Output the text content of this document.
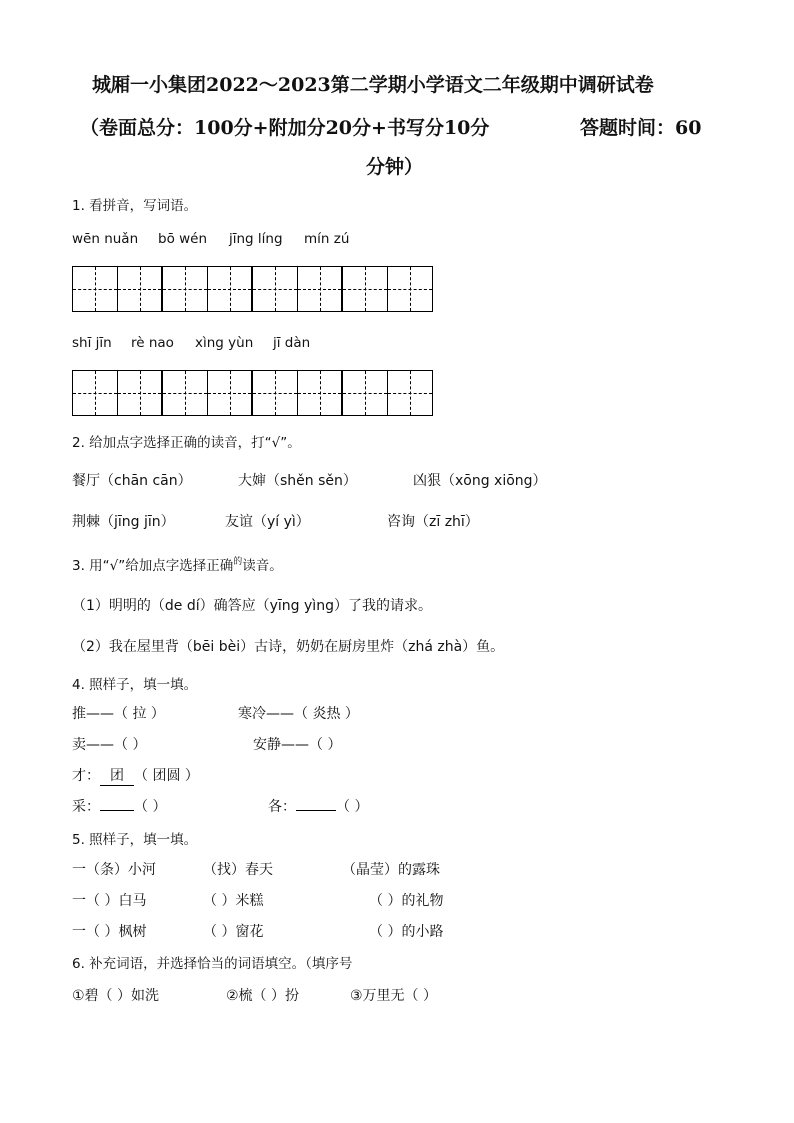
城厢一小集团2022～2023第二学期小学语文二年级期中调研试卷
（卷面总分：100分+附加分20分+书写分10分	答题时间：60
分钟）
1. 看拼音，写词语。
wēn nuǎn bō wén jīng líng mín zú
shī jīn rè nao xìng yùn jī dàn
2. 给加点字选择正确的读音，打“√”。
餐厅（chān cān）	大婶（shěn sěn）	凶狠（xōng xiōng）
荆棘（jīng jīn）	友谊（yí yì）	咨询（zī zhī）
3. 用“√”给加点字选择正确$^的$读音。
（1）明明的（de dí）确答应（yīng yìng）了我的请求。
（2）我在屋里背（bēi bèi）古诗，奶奶在厨房里炸（zhá zhà）鱼。
4. 照样子，填一填。
推——（ 拉 ）	寒冷——（ 炎热 ）
卖——（ ）	安静——（ ）
才： 团 （ 团圆 ）
采： （ ）	各：	（ ）
5. 照样子，填一填。
一（条）小河	（找）春天	（晶莹）的露珠
一（ ）白马	（ ）米糕	（ ）的礼物
一（ ）枫树	（ ）窗花	（ ）的小路
6. 补充词语，并选择恰当的词语填空。（填序号
①碧（ ）如洗	②梳（ ）扮	③万里无（ ）
